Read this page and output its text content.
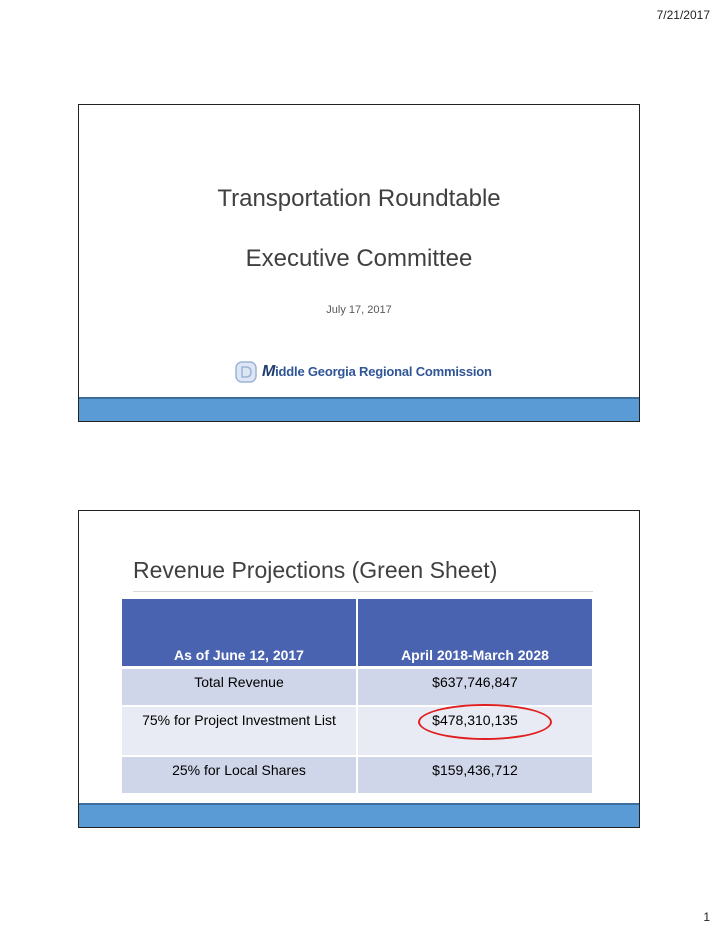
7/21/2017
Transportation Roundtable
Executive Committee
July 17, 2017
Middle Georgia Regional Commission
Revenue Projections (Green Sheet)
As of June 12, 2017	April 2018-March 2028
Total Revenue	$637,746,847
75% for Project Investment List	$478,310,135
25% for Local Shares	$159,436,712
1
